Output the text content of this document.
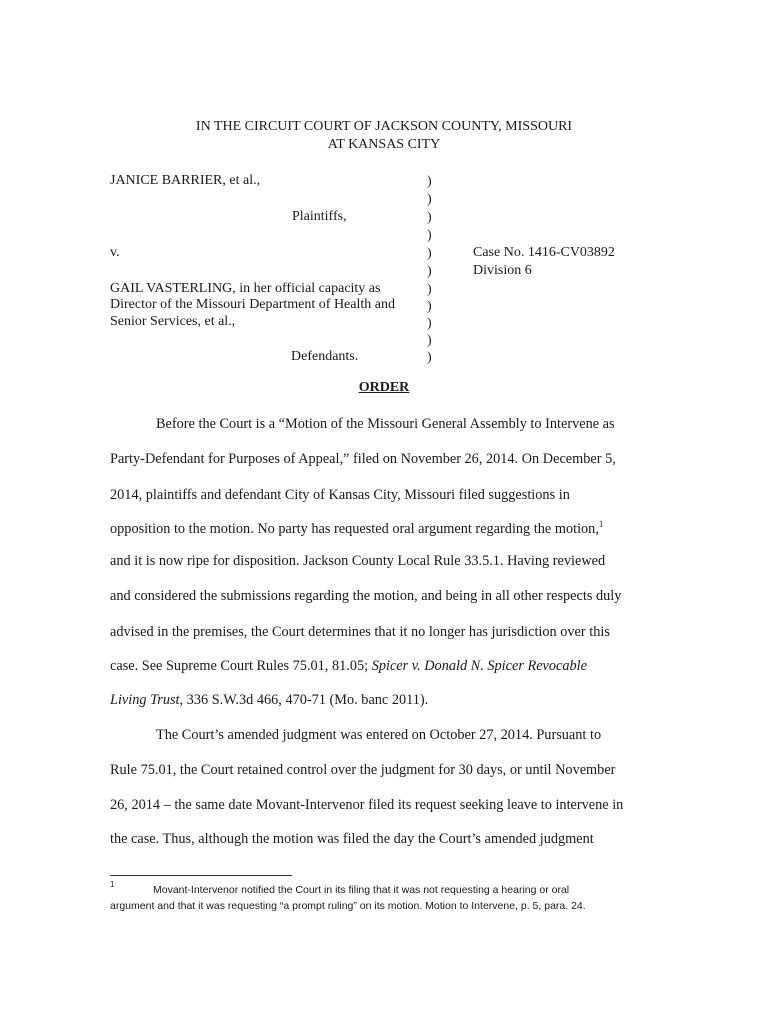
IN THE CIRCUIT COURT OF JACKSON COUNTY, MISSOURI
AT KANSAS CITY
JANICE BARRIER, et al.,
Plaintiffs,
v.
GAIL VASTERLING, in her official capacity as
Director of the Missouri Department of Health and
Senior Services, et al.,
Defendants.
)
)
)
)
)
)
)
)
)
)
)
Case No. 1416-CV03892
Division 6
ORDER
Before the Court is a “Motion of the Missouri General Assembly to Intervene as
Party-Defendant for Purposes of Appeal,” filed on November 26, 2014. On December 5,
2014, plaintiffs and defendant City of Kansas City, Missouri filed suggestions in
opposition to the motion. No party has requested oral argument regarding the motion,$^1$
and it is now ripe for disposition. Jackson County Local Rule 33.5.1. Having reviewed
and considered the submissions regarding the motion, and being in all other respects duly
advised in the premises, the Court determines that it no longer has jurisdiction over this
case. See Supreme Court Rules 75.01, 81.05; Spicer v. Donald N. Spicer Revocable
Living Trust, 336 S.W.3d 466, 470-71 (Mo. banc 2011).
The Court’s amended judgment was entered on October 27, 2014. Pursuant to
Rule 75.01, the Court retained control over the judgment for 30 days, or until November
26, 2014 – the same date Movant-Intervenor filed its request seeking leave to intervene in
the case. Thus, although the motion was filed the day the Court’s amended judgment
1	Movant-Intervenor notified the Court in its filing that it was not requesting a hearing or oral
argument and that it was requesting “a prompt ruling” on its motion. Motion to Intervene, p. 5, para. 24.
